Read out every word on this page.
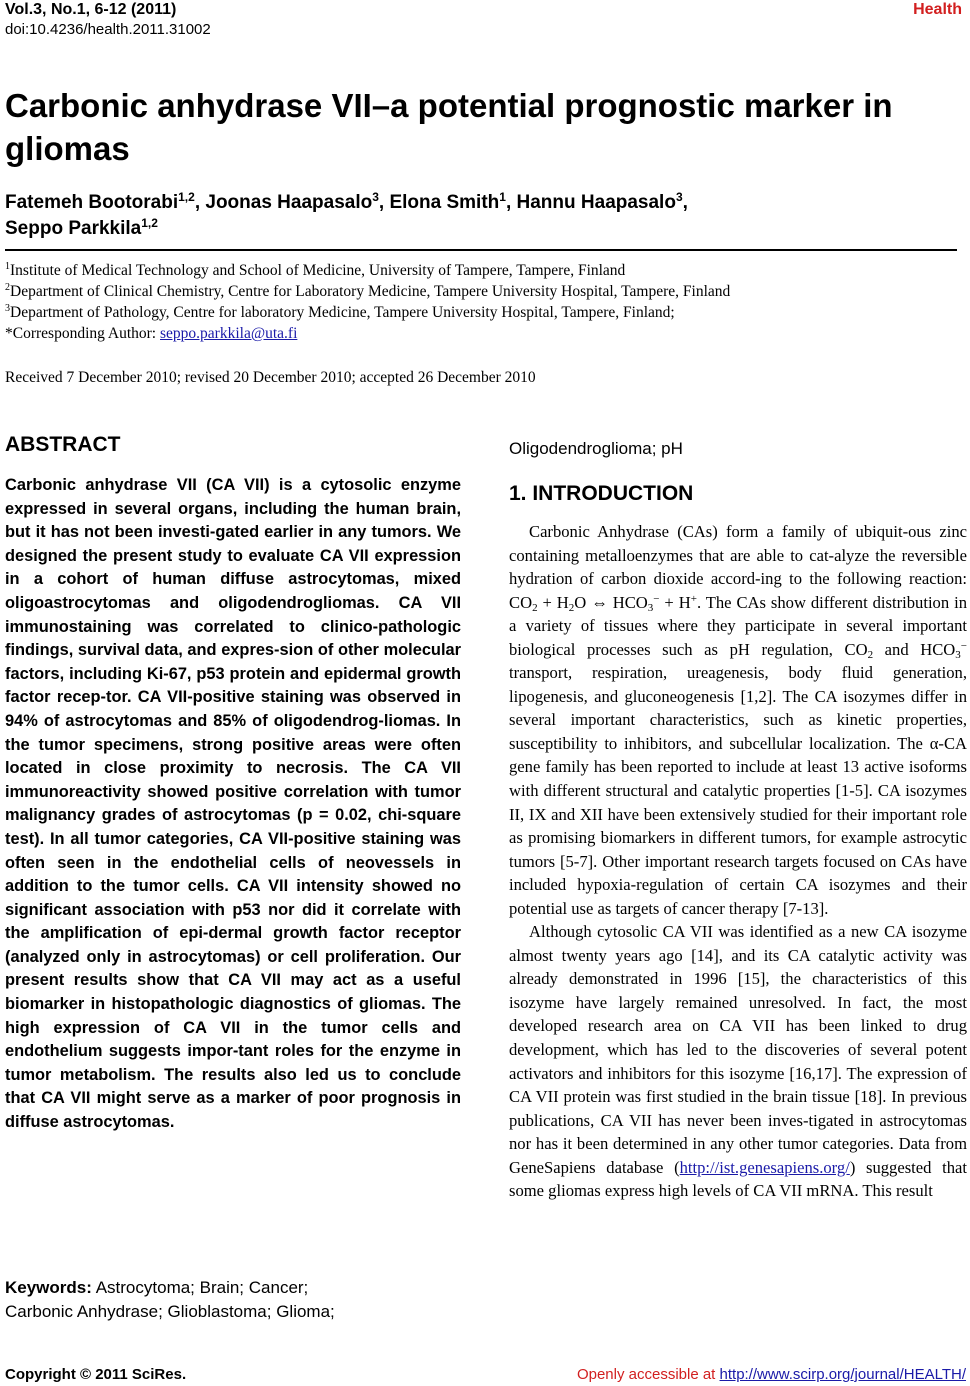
Vol.3, No.1, 6-12 (2011)
doi:10.4236/health.2011.31002
Health
Carbonic anhydrase VII–a potential prognostic marker in gliomas
Fatemeh Bootorabi$^{1,2}$, Joonas Haapasalo$^3$, Elona Smith$^1$, Hannu Haapasalo$^3$,
Seppo Parkkila$^{1,2}$
$^1$Institute of Medical Technology and School of Medicine, University of Tampere, Tampere, Finland
$^2$Department of Clinical Chemistry, Centre for Laboratory Medicine, Tampere University Hospital, Tampere, Finland
$^3$Department of Pathology, Centre for laboratory Medicine, Tampere University Hospital, Tampere, Finland;
*Corresponding Author: seppo.parkkila@uta.fi
Received 7 December 2010; revised 20 December 2010; accepted 26 December 2010
ABSTRACT
Carbonic anhydrase VII (CA VII) is a cytosolic enzyme expressed in several organs, including the human brain, but it has not been investi-gated earlier in any tumors. We designed the present study to evaluate CA VII expression in a cohort of human diffuse astrocytomas, mixed oligoastrocytomas and oligodendrogliomas. CA VII immunostaining was correlated to clinico-pathologic findings, survival data, and expres-sion of other molecular factors, including Ki-67, p53 protein and epidermal growth factor recep-tor. CA VII-positive staining was observed in 94% of astrocytomas and 85% of oligodendrog-liomas. In the tumor specimens, strong positive areas were often located in close proximity to necrosis. The CA VII immunoreactivity showed positive correlation with tumor malignancy grades of astrocytomas (p = 0.02, chi-square test). In all tumor categories, CA VII-positive staining was often seen in the endothelial cells of neovessels in addition to the tumor cells. CA VII intensity showed no significant association with p53 nor did it correlate with the amplification of epi-dermal growth factor receptor (analyzed only in astrocytomas) or cell proliferation. Our present results show that CA VII may act as a useful biomarker in histopathologic diagnostics of gliomas. The high expression of CA VII in the tumor cells and endothelium suggests impor-tant roles for the enzyme in tumor metabolism. The results also led us to conclude that CA VII might serve as a marker of poor prognosis in diffuse astrocytomas.
Keywords: Astrocytoma; Brain; Cancer;
Carbonic Anhydrase; Glioblastoma; Glioma;
Oligodendroglioma; pH
1. INTRODUCTION

Carbonic Anhydrase (CAs) form a family of ubiquit-ous zinc containing metalloenzymes that are able to cat-alyze the reversible hydration of carbon dioxide accord-ing to the following reaction: $CO_2 + H_2O$ ⇔ $HCO_3^- + H^+$. The CAs show different distribution in a variety of tissues where they participate in several important biological processes such as pH regulation, $CO_2$ and $HCO_3^-$ transport, respiration, ureagenesis, body fluid generation, lipogenesis, and gluconeogenesis [1,2]. The CA isozymes differ in several important characteristics, such as kinetic properties, susceptibility to inhibitors, and subcellular localization. The α-CA gene family has been reported to include at least 13 active isoforms with different structural and catalytic properties [1-5]. CA isozymes II, IX and XII have been extensively studied for their important role as promising biomarkers in different tumors, for example astrocytic tumors [5-7]. Other important research targets focused on CAs have included hypoxia-regulation of certain CA isozymes and their potential use as targets of cancer therapy [7-13].

Although cytosolic CA VII was identified as a new CA isozyme almost twenty years ago [14], and its CA catalytic activity was already demonstrated in 1996 [15], the characteristics of this isozyme have largely remained unresolved. In fact, the most developed research area on CA VII has been linked to drug development, which has led to the discoveries of several potent activators and inhibitors for this isozyme [16,17]. The expression of CA VII protein was first studied in the brain tissue [18]. In previous publications, CA VII has never been inves-tigated in astrocytomas nor has it been determined in any other tumor categories. Data from GeneSapiens database (http://ist.genesapiens.org/) suggested that some gliomas express high levels of CA VII mRNA. This result

Copyright © 2011 SciRes.	Openly accessible at http://www.scirp.org/journal/HEALTH/
